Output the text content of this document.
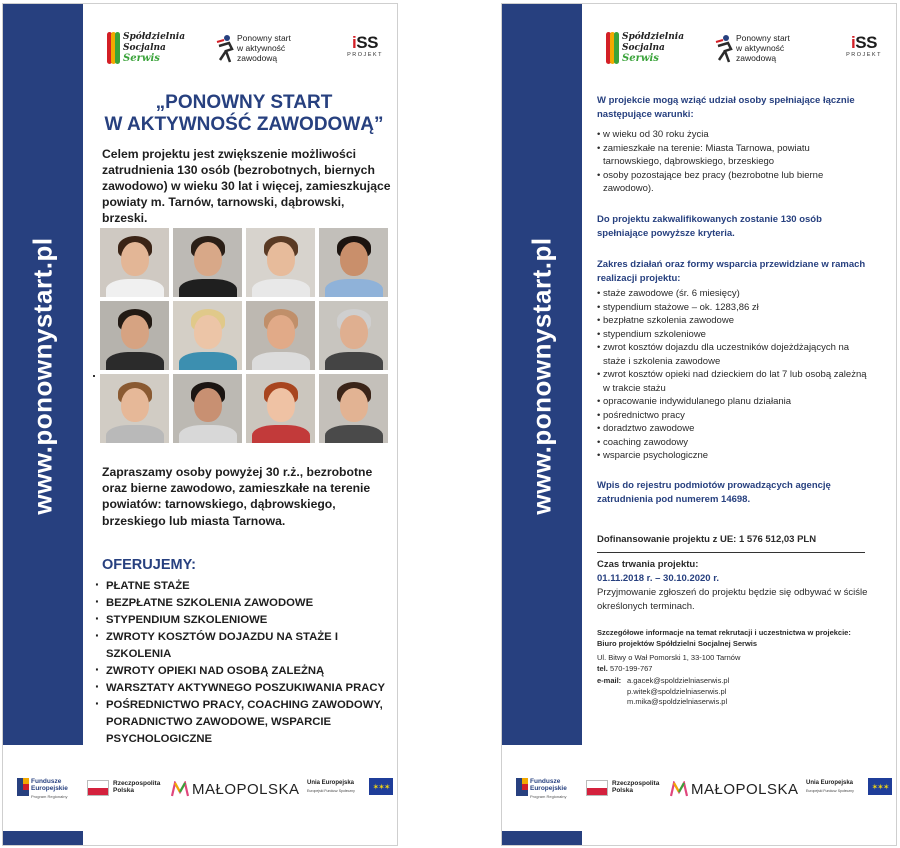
www.ponownystart.pl
Spółdzielnia
Socjalna
Serwis
Ponowny start
w aktywność
zawodową
iSS
PROJEKT
„PONOWNY START
W AKTYWNOŚĆ ZAWODOWĄ”
Celem projektu jest zwiększenie możliwości zatrudnienia 130 osób (bezrobotnych, biernych zawodowo) w wieku 30 lat i więcej, zamieszkujące powiaty m. Tarnów, tarnowski, dąbrowski, brzeski.
Zapraszamy osoby powyżej 30 r.ż., bezrobotne oraz bierne zawodowo, zamieszkałe na terenie powiatów: tarnowskiego, dąbrowskiego, brzeskiego lub miasta Tarnowa.
OFERUJEMY:
· PŁATNE STAŻE
· BEZPŁATNE SZKOLENIA ZAWODOWE
· STYPENDIUM SZKOLENIOWE
· ZWROTY KOSZTÓW DOJAZDU NA STAŻE I SZKOLENIA
· ZWROTY OPIEKI NAD OSOBĄ ZALEŻNĄ
· WARSZTATY AKTYWNEGO POSZUKIWANIA PRACY
· POŚREDNICTWO PRACY, COACHING ZAWODOWY, PORADNICTWO ZAWODOWE, WSPARCIE PSYCHOLOGICZNE
Fundusze
Europejskie
Program Regionalny
Rzeczpospolita
Polska	MAŁOPOLSKA Unia Europejska
Europejski Fundusz Społeczny ✶✶✶
www.ponownystart.pl
Spółdzielnia
Socjalna
Serwis
Ponowny start
w aktywność
zawodową
iSS
PROJEKT
W projekcie mogą wziąć udział osoby spełniające łącznie następujące warunki:
• w wieku od 30 roku życia
• zamieszkałe na terenie: Miasta Tarnowa, powiatu tarnowskiego, dąbrowskiego, brzeskiego
• osoby pozostające bez pracy (bezrobotne lub bierne zawodowo).
Do projektu zakwalifikowanych zostanie 130 osób spełniające powyższe kryteria.
Zakres działań oraz formy wsparcia przewidziane w ramach realizacji projektu:
• staże zawodowe (śr. 6 miesięcy)
• stypendium stażowe – ok. 1283,86 zł
• bezpłatne szkolenia zawodowe
• stypendium szkoleniowe
• zwrot kosztów dojazdu dla uczestników dojeżdżających na staże i szkolenia zawodowe
• zwrot kosztów opieki nad dzieckiem do lat 7 lub osobą zależną w trakcie stażu
• opracowanie indywidulanego planu działania
• pośrednictwo pracy
• doradztwo zawodowe
• coaching zawodowy
• wsparcie psychologiczne
Wpis do rejestru podmiotów prowadzących agencję zatrudnienia pod numerem 14698.
Dofinansowanie projektu z UE: 1 576 512,03 PLN
Czas trwania projektu:
01.11.2018 r. – 30.10.2020 r.
Przyjmowanie zgłoszeń do projektu będzie się odbywać w ściśle określonych terminach.
Szczegółowe informacje na temat rekrutacji i uczestnictwa w projekcie:
Biuro projektów Spółdzielni Socjalnej Serwis
Ul. Bitwy o Wał Pomorski 1, 33-100 Tarnów
tel. 570-199-767
e-mail: a.gacek@spoldzielniaserwis.pl
p.witek@spoldzielniaserwis.pl
m.mika@spoldzielniaserwis.pl
Fundusze
Europejskie
Program Regionalny
Rzeczpospolita
Polska	MAŁOPOLSKA Unia Europejska
Europejski Fundusz Społeczny ✶✶✶
